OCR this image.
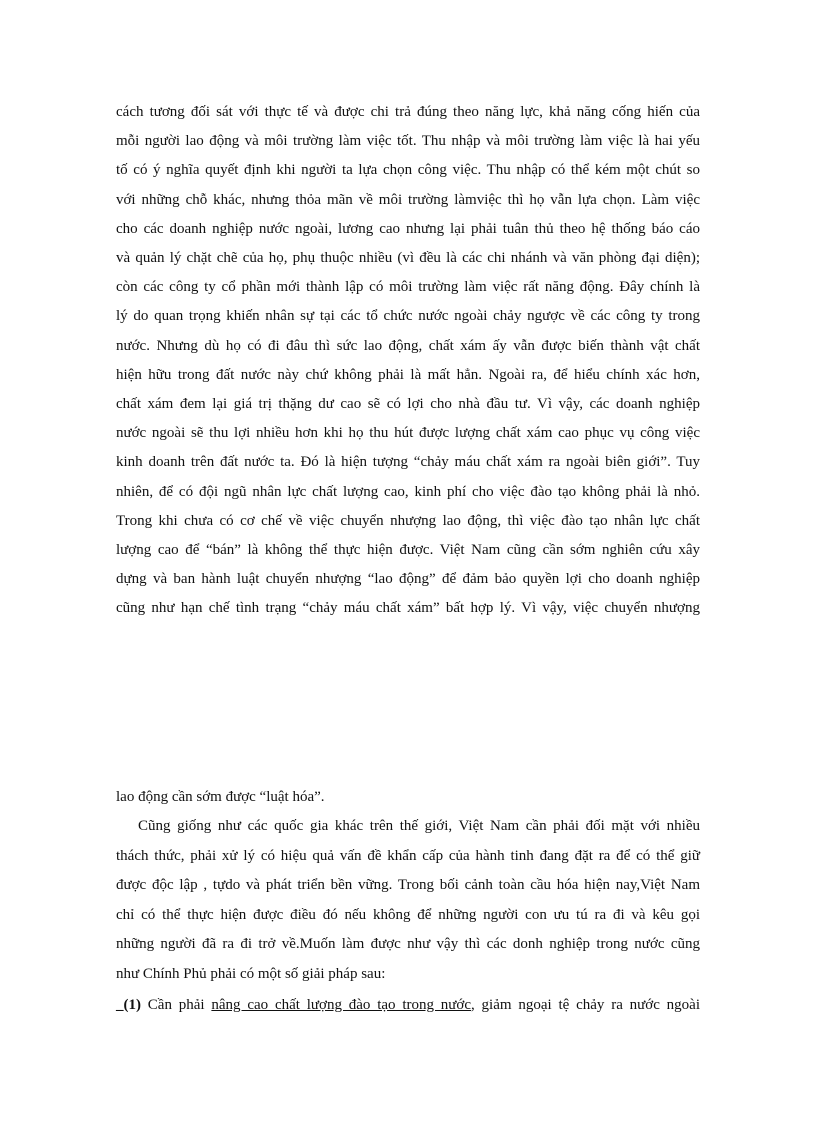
cách tương đối sát với thực tế và được chi trả đúng theo năng lực, khả năng cống hiến của
mỗi người lao động và môi trường làm việc tốt. Thu nhập và môi trường làm việc là hai yếu
tố có ý nghĩa quyết định khi người ta lựa chọn công việc. Thu nhập có thể kém một chút so
với những chỗ khác, nhưng thỏa mãn về môi trường làmviệc thì họ vẫn lựa chọn. Làm việc
cho các doanh nghiệp nước ngoài, lương cao nhưng lại phải tuân thủ theo hệ thống báo cáo
và quản lý chặt chẽ của họ, phụ thuộc nhiều (vì đều là các chi nhánh và văn phòng đại diện);
còn các công ty cổ phần mới thành lập có môi trường làm việc rất năng động. Đây chính là
lý do quan trọng khiến nhân sự tại các tổ chức nước ngoài chảy ngược về các công ty trong
nước. Nhưng dù họ có đi đâu thì sức lao động, chất xám ấy vẫn được biến thành vật chất
hiện hữu trong đất nước này chứ không phải là mất hẳn. Ngoài ra, để hiểu chính xác hơn,
chất xám đem lại giá trị thặng dư cao sẽ có lợi cho nhà đầu tư. Vì vậy, các doanh nghiệp
nước ngoài sẽ thu lợi nhiều hơn khi họ thu hút được lượng chất xám cao phục vụ công việc
kinh doanh trên đất nước ta. Đó là hiện tượng “chảy máu chất xám ra ngoài biên giới”. Tuy
nhiên, để có đội ngũ nhân lực chất lượng cao, kinh phí cho việc đào tạo không phải là nhỏ.
Trong khi chưa có cơ chế về việc chuyển nhượng lao động, thì việc đào tạo nhân lực chất
lượng cao để “bán” là không thể thực hiện được. Việt Nam cũng cần sớm nghiên cứu xây
dựng và ban hành luật chuyển nhượng “lao động” để đảm bảo quyền lợi cho doanh nghiệp
cũng như hạn chế tình trạng “chảy máu chất xám” bất hợp lý. Vì vậy, việc chuyển nhượng
lao động cần sớm được “luật hóa”.
Cũng giống như các quốc gia khác trên thế giới, Việt Nam cần phải đối mặt với nhiều
thách thức, phải xử lý có hiệu quả vấn đề khẩn cấp của hành tinh đang đặt ra để có thể giữ
được độc lập , tựdo và phát triển bền vững. Trong bối cảnh toàn cầu hóa hiện nay,Việt Nam
chỉ có thể thực hiện được điều đó nếu không để những người con ưu tú ra đi và kêu gọi
những người đã ra đi trở về.Muốn làm được như vậy thì các donh nghiệp trong nước cũng
như Chính Phủ phải có một số giải pháp sau:
_(1) Cần phải nâng cao chất lượng đào tạo trong nước, giảm ngoại tệ chảy ra nước ngoài
